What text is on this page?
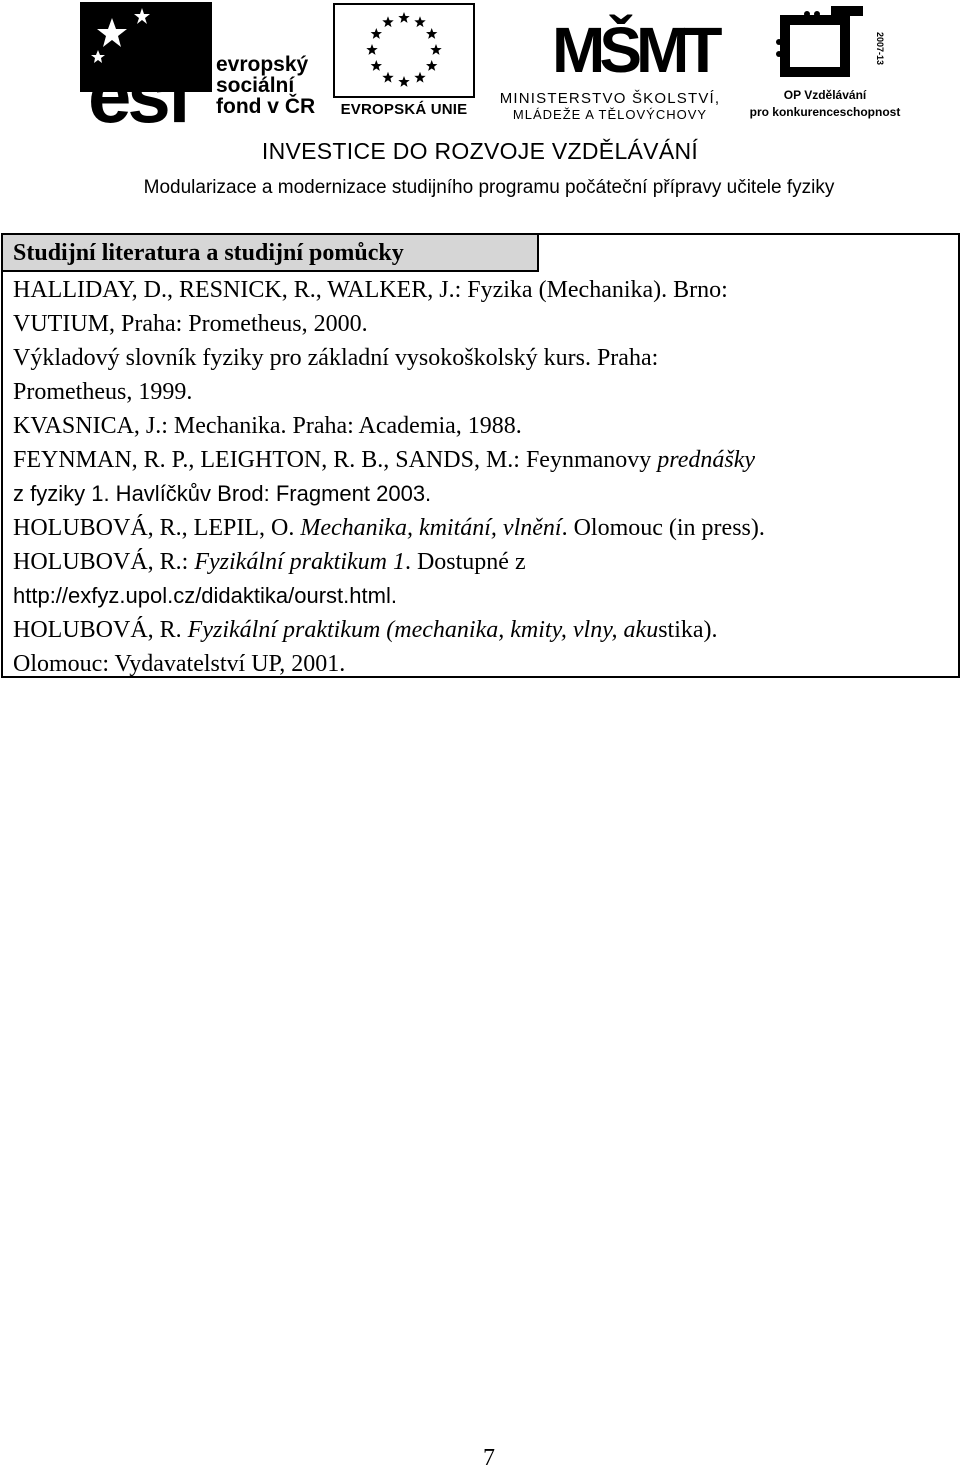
esf evropský
sociální
fond v ČR	EVROPSKÁ UNIE
MŠMT
MINISTERSTVO ŠKOLSTVÍ,
MLÁDEŽE A TĚLOVÝCHOVY
2007-13
OP Vzdělávání
pro konkurenceschopnost
INVESTICE DO ROZVOJE VZDĚLÁVÁNÍ
Modularizace a modernizace studijního programu počáteční přípravy učitele fyziky
Studijní literatura a studijní pomůcky
HALLIDAY, D., RESNICK, R., WALKER, J.: Fyzika (Mechanika). Brno:
VUTIUM, Praha: Prometheus, 2000.
Výkladový slovník fyziky pro základní vysokoškolský kurs. Praha:
Prometheus, 1999.
KVASNICA, J.: Mechanika. Praha: Academia, 1988.
FEYNMAN, R. P., LEIGHTON, R. B., SANDS, M.: Feynmanovy prednášky
z fyziky 1. Havlíčkův Brod: Fragment 2003.
HOLUBOVÁ, R., LEPIL, O. Mechanika, kmitání, vlnění. Olomouc (in press).
HOLUBOVÁ, R.: Fyzikální praktikum 1. Dostupné z
http://exfyz.upol.cz/didaktika/ourst.html.
HOLUBOVÁ, R. Fyzikální praktikum (mechanika, kmity, vlny, akustika).
Olomouc: Vydavatelství UP, 2001.
7
